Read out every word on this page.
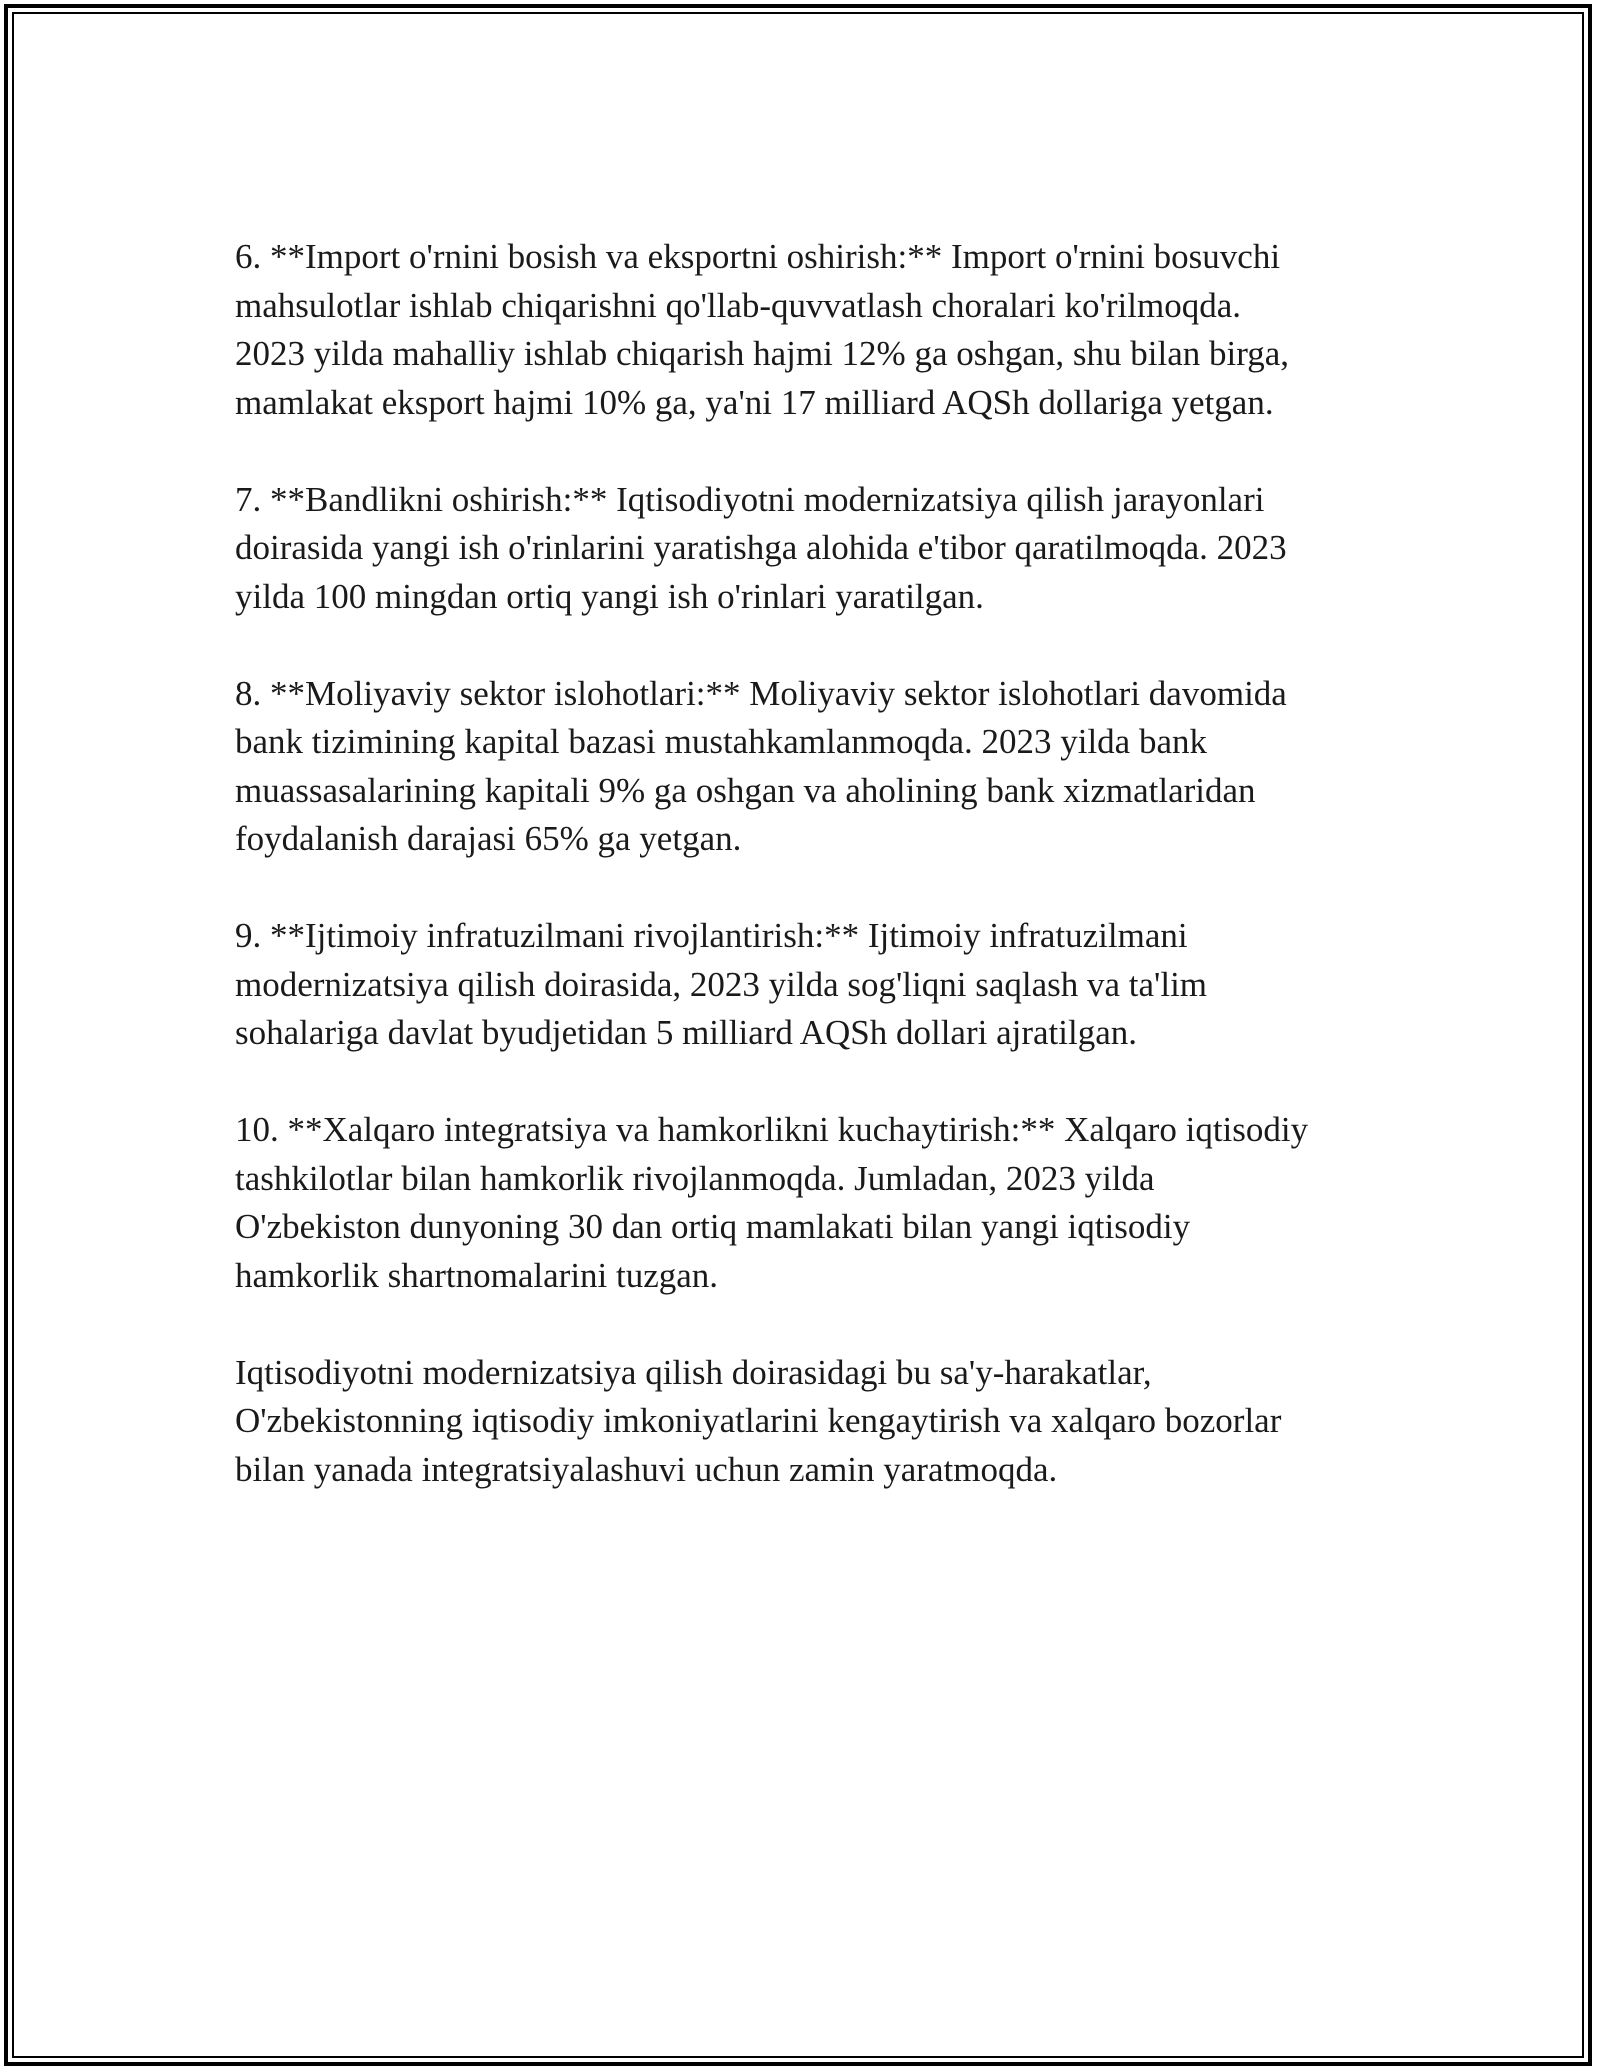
6. **Import o'rnini bosish va eksportni oshirish:** Import o'rnini bosuvchi
mahsulotlar ishlab chiqarishni qo'llab-quvvatlash choralari ko'rilmoqda.
2023 yilda mahalliy ishlab chiqarish hajmi 12% ga oshgan, shu bilan birga,
mamlakat eksport hajmi 10% ga, ya'ni 17 milliard AQSh dollariga yetgan.

7. **Bandlikni oshirish:** Iqtisodiyotni modernizatsiya qilish jarayonlari
doirasida yangi ish o'rinlarini yaratishga alohida e'tibor qaratilmoqda. 2023
yilda 100 mingdan ortiq yangi ish o'rinlari yaratilgan.

8. **Moliyaviy sektor islohotlari:** Moliyaviy sektor islohotlari davomida
bank tizimining kapital bazasi mustahkamlanmoqda. 2023 yilda bank
muassasalarining kapitali 9% ga oshgan va aholining bank xizmatlaridan
foydalanish darajasi 65% ga yetgan.

9. **Ijtimoiy infratuzilmani rivojlantirish:** Ijtimoiy infratuzilmani
modernizatsiya qilish doirasida, 2023 yilda sog'liqni saqlash va ta'lim
sohalariga davlat byudjetidan 5 milliard AQSh dollari ajratilgan.

10. **Xalqaro integratsiya va hamkorlikni kuchaytirish:** Xalqaro iqtisodiy
tashkilotlar bilan hamkorlik rivojlanmoqda. Jumladan, 2023 yilda
O'zbekiston dunyoning 30 dan ortiq mamlakati bilan yangi iqtisodiy
hamkorlik shartnomalarini tuzgan.

Iqtisodiyotni modernizatsiya qilish doirasidagi bu sa'y-harakatlar,
O'zbekistonning iqtisodiy imkoniyatlarini kengaytirish va xalqaro bozorlar
bilan yanada integratsiyalashuvi uchun zamin yaratmoqda.
